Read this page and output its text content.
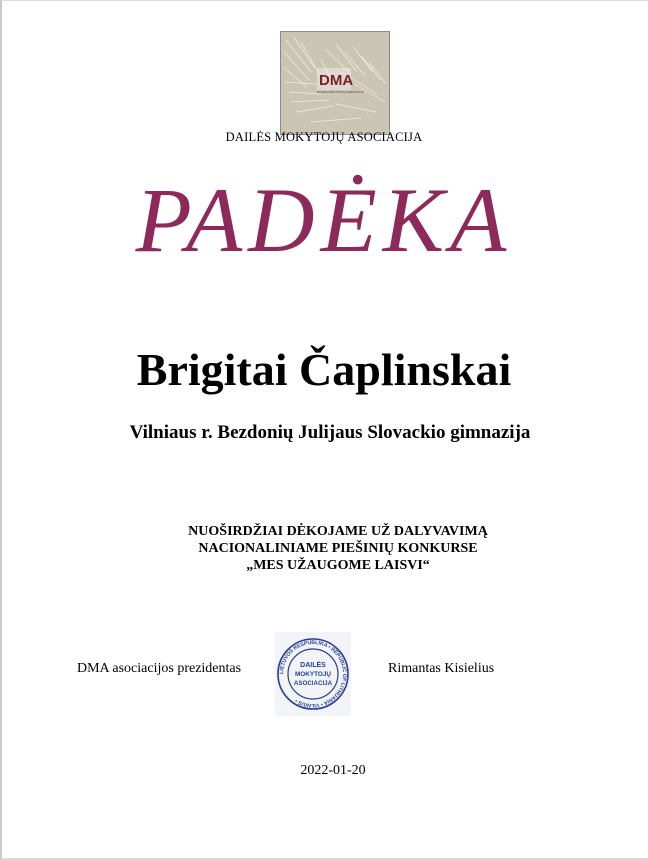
DMA
DAILĖS MOKYTOJŲ ASOCIACIJA
DAILĖS MOKYTOJŲ ASOCIACIJA
PADĖKA
Brigitai Čaplinskai
Vilniaus r. Bezdonių Julijaus Slovackio gimnazija
NUOŠIRDŽIAI DĖKOJAME UŽ DALYVAVIMĄ
NACIONALINIAME PIEŠINIŲ KONKURSE
„MES UŽAUGOME LAISVI“
DMA asociacijos prezidentas	LIETUVOS RESPUBLIKA • REPUBLIC OF LITHUANIA • VILNIUS •
DAILĖS
MOKYTOJŲ
ASOCIACIJA
Rimantas Kisielius
2022-01-20
